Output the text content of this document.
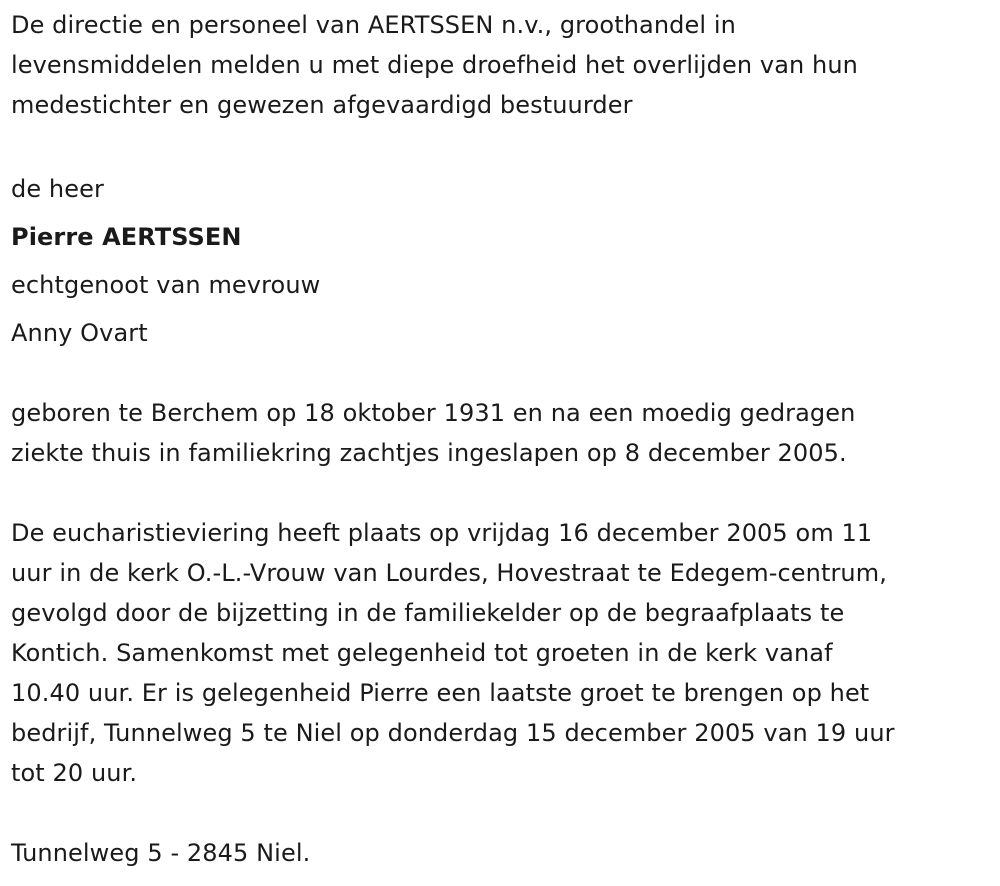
De directie en personeel van AERTSSEN n.v., groothandel in
levensmiddelen melden u met diepe droefheid het overlijden van hun
medestichter en gewezen afgevaardigd bestuurder
de heer
Pierre AERTSSEN
echtgenoot van mevrouw
Anny Ovart
geboren te Berchem op 18 oktober 1931 en na een moedig gedragen
ziekte thuis in familiekring zachtjes ingeslapen op 8 december 2005.
De eucharistieviering heeft plaats op vrijdag 16 december 2005 om 11
uur in de kerk O.-L.-Vrouw van Lourdes, Hovestraat te Edegem-centrum,
gevolgd door de bijzetting in de familiekelder op de begraafplaats te
Kontich. Samenkomst met gelegenheid tot groeten in de kerk vanaf
10.40 uur. Er is gelegenheid Pierre een laatste groet te brengen op het
bedrijf, Tunnelweg 5 te Niel op donderdag 15 december 2005 van 19 uur
tot 20 uur.
Tunnelweg 5 - 2845 Niel.
